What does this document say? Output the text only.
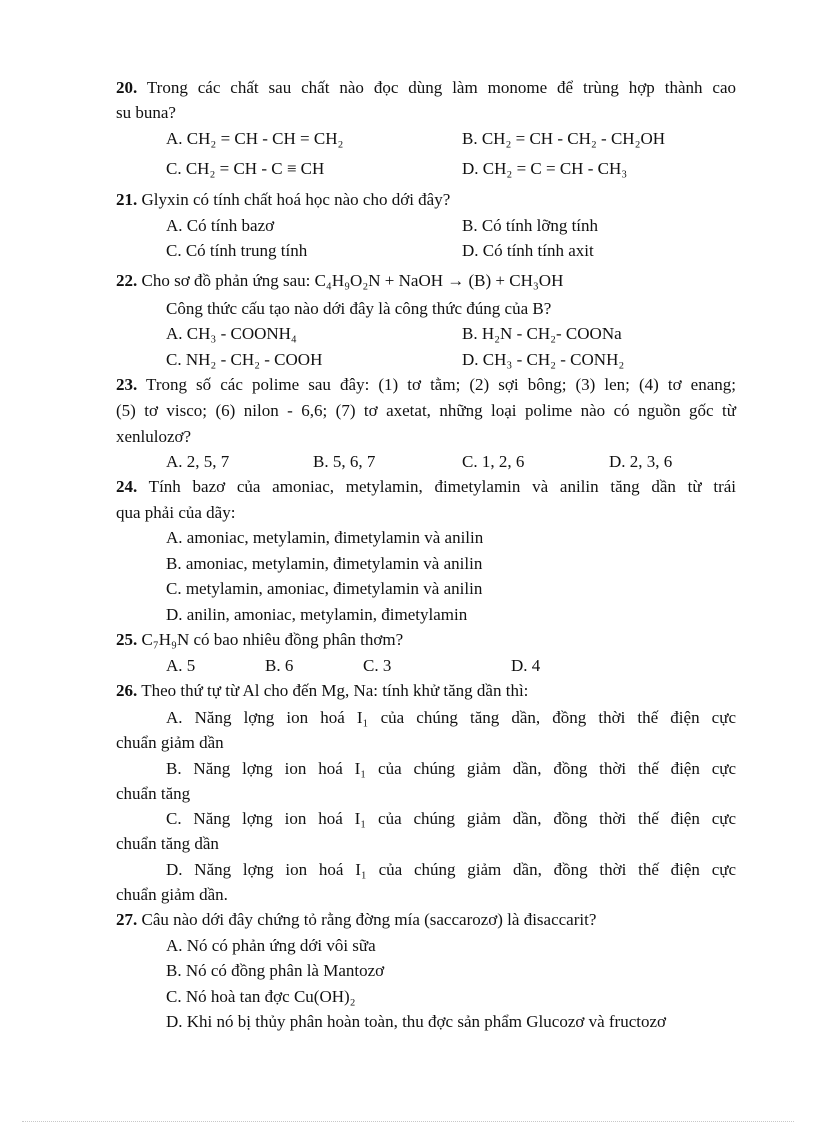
20. Trong các chất sau chất nào đọc dùng làm monome để trùng hợp thành cao
su buna?
A. CH₂ = CH - CH = CH₂	B. CH₂ = CH - CH₂ - CH₂OH
C. CH₂ = CH - C ≡ CH	D. CH₂ = C = CH - CH₃
21. Glyxin có tính chất hoá học nào cho dới đây?
A. Có tính bazơ	B. Có tính lỡng tính
C. Có tính trung tính	D. Có tính tính axit
22. Cho sơ đồ phản ứng sau: C₄H₉O₂N + NaOH → (B) + CH₃OH
Công thức cấu tạo nào dới đây là công thức đúng của B?
A. CH₃ - COONH₄	B. H₂N - CH₂- COONa
C. NH₂ - CH₂ - COOH	D. CH₃ - CH₂ - CONH₂
23. Trong số các polime sau đây: (1) tơ tằm; (2) sợi bông; (3) len; (4) tơ enang;
(5) tơ visco; (6) nilon - 6,6; (7) tơ axetat, những loại polime nào có nguồn gốc từ
xenlulozơ?
A. 2, 5, 7	B. 5, 6, 7	C. 1, 2, 6	D. 2, 3, 6
24. Tính bazơ của amoniac, metylamin, đimetylamin và anilin tăng dần từ trái
qua phải của dãy:
A. amoniac, metylamin, đimetylamin và anilin
B. amoniac, metylamin, đimetylamin và anilin
C. metylamin, amoniac, đimetylamin và anilin
D. anilin, amoniac, metylamin, đimetylamin
25. C₇H₉N có bao nhiêu đồng phân thơm?
A. 5	B. 6	C. 3	D. 4
26. Theo thứ tự từ Al cho đến Mg, Na: tính khử tăng dần thì:
A. Năng lợng ion hoá I₁ của chúng tăng dần, đồng thời thế điện cực
chuẩn giảm dần
B. Năng lợng ion hoá I₁ của chúng giảm dần, đồng thời thế điện cực
chuẩn tăng
C. Năng lợng ion hoá I₁ của chúng giảm dần, đồng thời thế điện cực
chuẩn tăng dần
D. Năng lợng ion hoá I₁ của chúng giảm dần, đồng thời thế điện cực
chuẩn giảm dần.
27. Câu nào dới đây chứng tỏ rằng đờng mía (saccarozơ) là đisaccarit?
A. Nó có phản ứng dới vôi sữa
B. Nó có đồng phân là Mantozơ
C. Nó hoà tan đợc Cu(OH)₂
D. Khi nó bị thủy phân hoàn toàn, thu đợc sản phẩm Glucozơ và fructozơ
